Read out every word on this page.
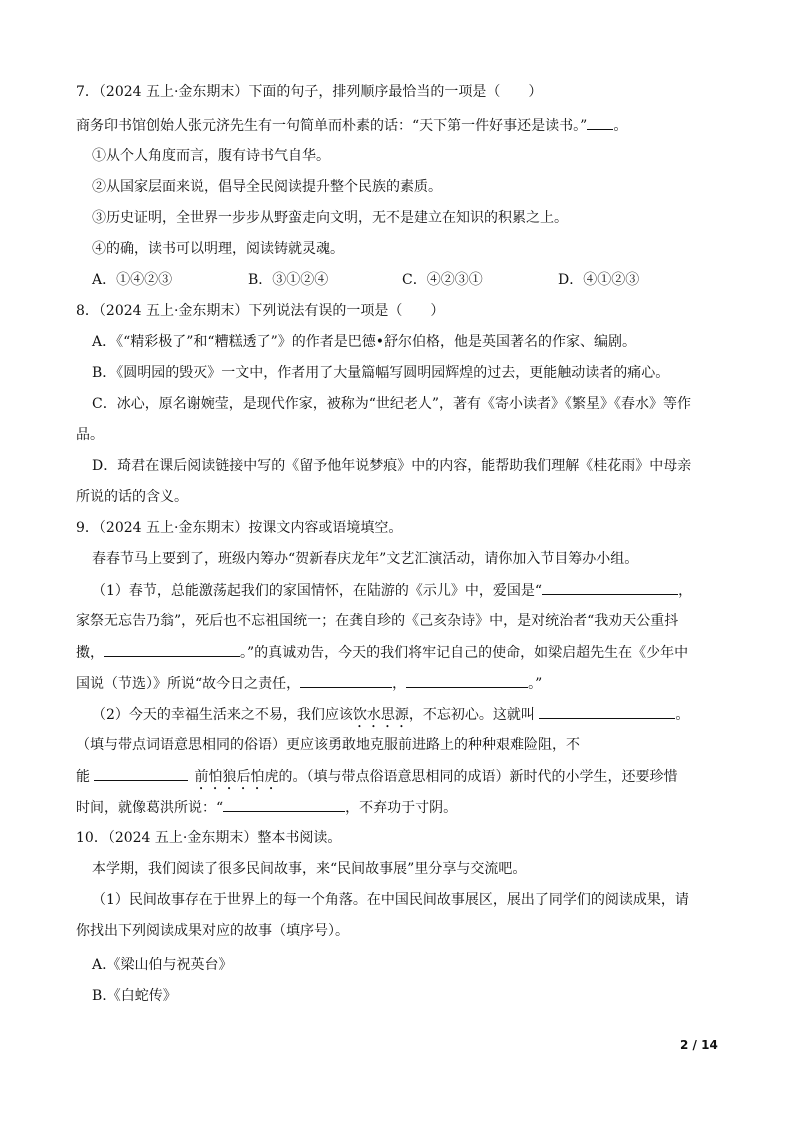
7．（2024 五上·金东期末）下面的句子，排列顺序最恰当的一项是（　　）
商务印书馆创始人张元济先生有一句简单而朴素的话：“天下第一件好事还是读书。” 。
①从个人角度而言，腹有诗书气自华。
②从国家层面来说，倡导全民阅读提升整个民族的素质。
③历史证明，全世界一步步从野蛮走向文明，无不是建立在知识的积累之上。
④的确，读书可以明理，阅读铸就灵魂。
A．①④②③	B．③①②④	C．④②③①	D．④①②③
8．（2024 五上·金东期末）下列说法有误的一项是（　　）
A．《“精彩极了”和“糟糕透了”》的作者是巴德•舒尔伯格，他是英国著名的作家、编剧。
B．《圆明园的毁灭》一文中，作者用了大量篇幅写圆明园辉煌的过去，更能触动读者的痛心。
C．冰心，原名谢婉莹，是现代作家，被称为“世纪老人”，著有《寄小读者》《繁星》《春水》等作
品。
D．琦君在课后阅读链接中写的《留予他年说梦痕》中的内容，能帮助我们理解《桂花雨》中母亲
所说的话的含义。
9．（2024 五上·金东期末）按课文内容或语境填空。
春春节马上要到了，班级内筹办“贺新春庆龙年”文艺汇演活动，请你加入节目筹办小组。
（1）春节，总能激荡起我们的家国情怀，在陆游的《示儿》中，爱国是“	，
家祭无忘告乃翁”，死后也不忘祖国统一；在龚自珍的《己亥杂诗》中，是对统治者“我劝天公重抖
擞，	。”的真诚劝告，今天的我们将牢记自己的使命，如梁启超先生在《少年中
国说（节选）》所说“故今日之责任，	，	。”
（2）今天的幸福生活来之不易，我们应该饮水思源，不忘初心。这就叫	。
（填与带点词语意思相同的俗语）更应该勇敢地克服前进路上的种种艰难险阻，不
能	前怕狼后怕虎的。（填与带点俗语意思相同的成语）新时代的小学生，还要珍惜
时间，就像葛洪所说：“	，不弃功于寸阴。
10．（2024 五上·金东期末）整本书阅读。
本学期，我们阅读了很多民间故事，来“民间故事展”里分享与交流吧。
（1）民间故事存在于世界上的每一个角落。在中国民间故事展区，展出了同学们的阅读成果，请
你找出下列阅读成果对应的故事（填序号）。
A.《梁山伯与祝英台》
B.《白蛇传》
2 / 14
